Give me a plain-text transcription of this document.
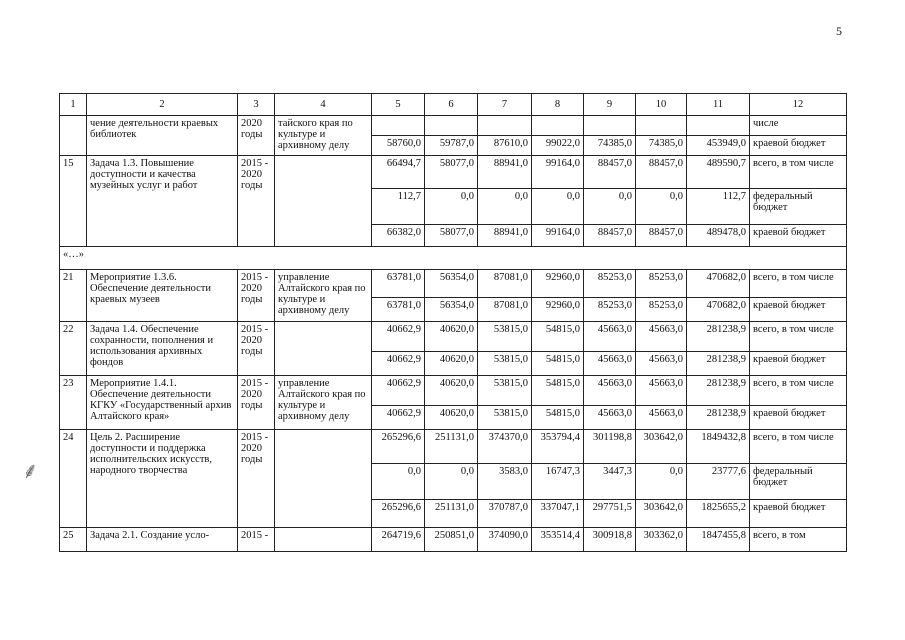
5
1	2	3	4	5	6	7	8	9	10	11	12
	чение деятельности краевых библиотек	2020 годы	тайского края по культуре и архивному делу								числе
				58760,0	59787,0	87610,0	99022,0	74385,0	74385,0	453949,0	краевой бюджет
15	Задача 1.3. Повышение доступности и качества музейных услуг и работ	2015 - 2020 годы		66494,7	58077,0	88941,0	99164,0	88457,0	88457,0	489590,7	всего, в том числе
				112,7	0,0	0,0	0,0	0,0	0,0	112,7	федеральный бюджет
				66382,0	58077,0	88941,0	99164,0	88457,0	88457,0	489478,0	краевой бюджет
«…»											
21	Мероприятие 1.3.6. Обеспечение деятельности краевых музеев	2015 - 2020 годы	управление Алтайского края по культуре и архивному делу	63781,0	56354,0	87081,0	92960,0	85253,0	85253,0	470682,0	всего, в том числе
				63781,0	56354,0	87081,0	92960,0	85253,0	85253,0	470682,0	краевой бюджет
22	Задача 1.4. Обеспечение сохранности, пополнения и использования архивных фондов	2015 - 2020 годы		40662,9	40620,0	53815,0	54815,0	45663,0	45663,0	281238,9	всего, в том числе
				40662,9	40620,0	53815,0	54815,0	45663,0	45663,0	281238,9	краевой бюджет
23	Мероприятие 1.4.1. Обеспечение деятельности КГКУ «Государственный архив Алтайского края»	2015 - 2020 годы	управление Алтайского края по культуре и архивному делу	40662,9	40620,0	53815,0	54815,0	45663,0	45663,0	281238,9	всего, в том числе
				40662,9	40620,0	53815,0	54815,0	45663,0	45663,0	281238,9	краевой бюджет
24	Цель 2. Расширение доступности и поддержка исполнительских искусств, народного творчества	2015 - 2020 годы		265296,6	251131,0	374370,0	353794,4	301198,8	303642,0	1849432,8	всего, в том числе
				0,0	0,0	3583,0	16747,3	3447,3	0,0	23777,6	федеральный бюджет
				265296,6	251131,0	370787,0	337047,1	297751,5	303642,0	1825655,2	краевой бюджет
25	Задача 2.1. Создание усло-	2015 -		264719,6	250851,0	374090,0	353514,4	300918,8	303362,0	1847455,8	всего, в том
⸙
